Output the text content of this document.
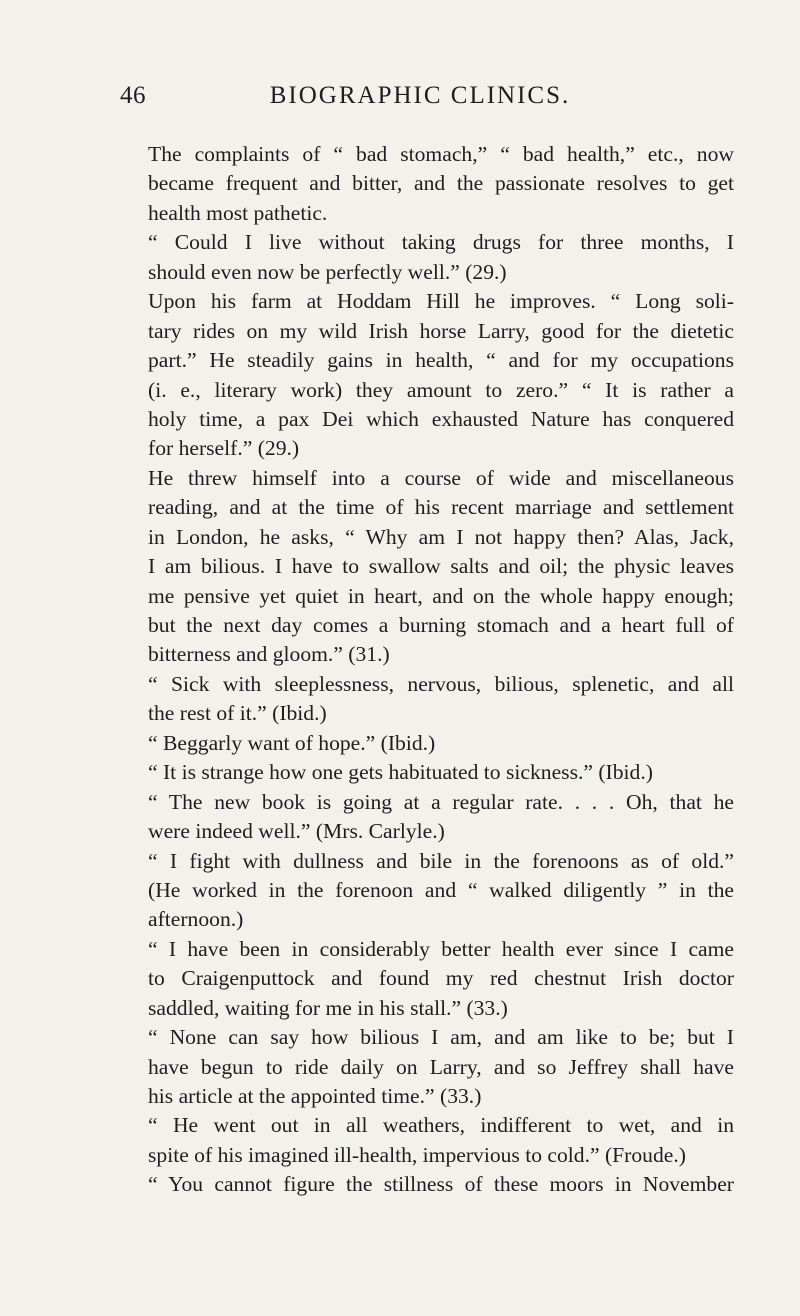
46	BIOGRAPHIC CLINICS.
The complaints of “ bad stomach,” “ bad health,” etc., now
became frequent and bitter, and the passionate resolves to get
health most pathetic.
“ Could I live without taking drugs for three months, I
should even now be perfectly well.” (29.)
Upon his farm at Hoddam Hill he improves. “ Long soli-
tary rides on my wild Irish horse Larry, good for the dietetic
part.” He steadily gains in health, “ and for my occupations
(i. e., literary work) they amount to zero.” “ It is rather a
holy time, a pax Dei which exhausted Nature has conquered
for herself.” (29.)
He threw himself into a course of wide and miscellaneous
reading, and at the time of his recent marriage and settlement
in London, he asks, “ Why am I not happy then? Alas, Jack,
I am bilious. I have to swallow salts and oil; the physic leaves
me pensive yet quiet in heart, and on the whole happy enough;
but the next day comes a burning stomach and a heart full of
bitterness and gloom.” (31.)
“ Sick with sleeplessness, nervous, bilious, splenetic, and all
the rest of it.” (Ibid.)
“ Beggarly want of hope.” (Ibid.)
“ It is strange how one gets habituated to sickness.” (Ibid.)
“ The new book is going at a regular rate. . . . Oh, that he
were indeed well.” (Mrs. Carlyle.)
“ I fight with dullness and bile in the forenoons as of old.”
(He worked in the forenoon and “ walked diligently ” in the
afternoon.)
“ I have been in considerably better health ever since I came
to Craigenputtock and found my red chestnut Irish doctor
saddled, waiting for me in his stall.” (33.)
“ None can say how bilious I am, and am like to be; but I
have begun to ride daily on Larry, and so Jeffrey shall have
his article at the appointed time.” (33.)
“ He went out in all weathers, indifferent to wet, and in
spite of his imagined ill-health, impervious to cold.” (Froude.)
“ You cannot figure the stillness of these moors in November
